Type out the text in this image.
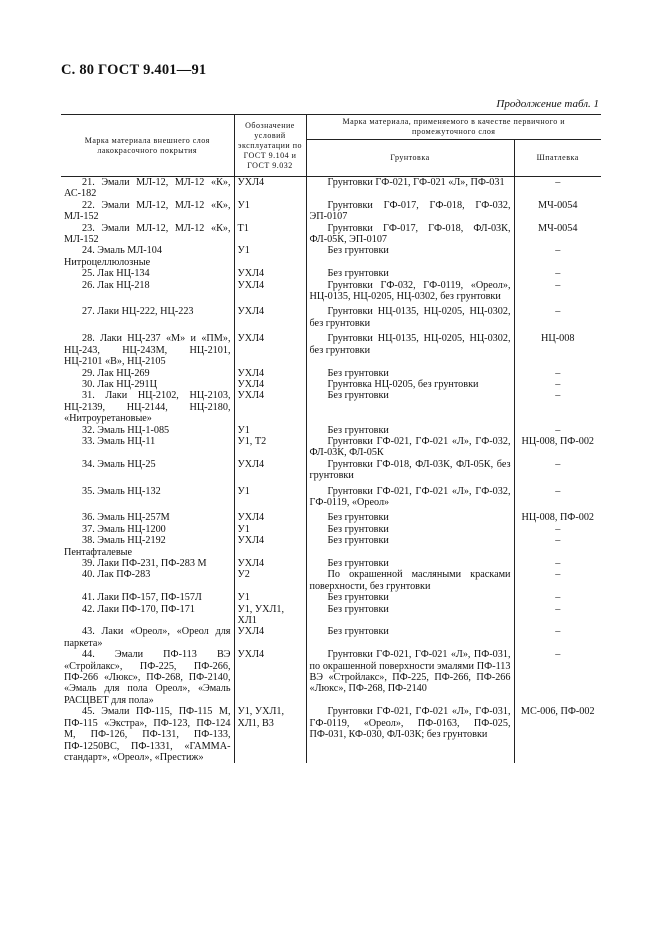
С. 80 ГОСТ 9.401—91
Продолжение табл. 1
Марка материала внешнего слоя лакокрасочного покрытия	Обозначение условий эксплуатации по ГОСТ 9.104 и ГОСТ 9.032	Марка материала, применяемого в качестве первичного и промежуточного слоя	
		Грунтовка	Шпатлевка
21. Эмали МЛ-12, МЛ-12 «К», АС-182	УХЛ4	Грунтовки ГФ-021, ГФ-021 «Л», ПФ-031	–
22. Эмали МЛ-12, МЛ-12 «К», МЛ-152	У1	Грунтовки ГФ-017, ГФ-018, ГФ-032, ЭП-0107	МЧ-0054
23. Эмали МЛ-12, МЛ-12 «К», МЛ-152	Т1	Грунтовки ГФ-017, ГФ-018, ФЛ-03К, ФЛ-05К, ЭП-0107	МЧ-0054
24. Эмаль МЛ-104	У1	Без грунтовки	–
Нитроцеллюлозные			
25. Лак НЦ-134	УХЛ4	Без грунтовки	–
26. Лак НЦ-218	УХЛ4	Грунтовки ГФ-032, ГФ-0119, «Ореол», НЦ-0135, НЦ-0205, НЦ-0302, без грунтовки	–

27. Лаки НЦ-222, НЦ-223	УХЛ4	Грунтовки НЦ-0135, НЦ-0205, НЦ-0302, без грунтовки	–

28. Лаки НЦ-237 «М» и «ПМ», НЦ-243, НЦ-243М, НЦ-2101, НЦ-2101 «В», НЦ-2105	УХЛ4	Грунтовки НЦ-0135, НЦ-0205, НЦ-0302, без грунтовки	НЦ-008
29. Лак НЦ-269	УХЛ4	Без грунтовки	–
30. Лак НЦ-291Ц	УХЛ4	Грунтовка НЦ-0205, без грунтовки	–
31. Лаки НЦ-2102, НЦ-2103, НЦ-2139, НЦ-2144, НЦ-2180, «Нитроуретановые»	УХЛ4	Без грунтовки	–
32. Эмаль НЦ-1-085	У1	Без грунтовки	–
33. Эмаль НЦ-11	У1, Т2	Грунтовки ГФ-021, ГФ-021 «Л», ГФ-032, ФЛ-03К, ФЛ-05К	НЦ-008, ПФ-002
34. Эмаль НЦ-25	УХЛ4	Грунтовки ГФ-018, ФЛ-03К, ФЛ-05К, без грунтовки	–

35. Эмаль НЦ-132	У1	Грунтовки ГФ-021, ГФ-021 «Л», ГФ-032, ГФ-0119, «Ореол»	–

36. Эмаль НЦ-257М	УХЛ4	Без грунтовки	НЦ-008, ПФ-002
37. Эмаль НЦ-1200	У1	Без грунтовки	–
38. Эмаль НЦ-2192	УХЛ4	Без грунтовки	–
Пентафталевые			
39. Лаки ПФ-231, ПФ-283 М	УХЛ4	Без грунтовки	–
40. Лак ПФ-283	У2	По окрашенной масляными красками поверхности, без грунтовки	–
41. Лаки ПФ-157, ПФ-157Л	У1	Без грунтовки	–
42. Лаки ПФ-170, ПФ-171	У1, УХЛ1, ХЛ1	Без грунтовки	–
43. Лаки «Ореол», «Ореол для паркета»	УХЛ4	Без грунтовки	–
44. Эмали ПФ-113 ВЭ «Стройлакс», ПФ-225, ПФ-266, ПФ-266 «Люкс», ПФ-268, ПФ-2140, «Эмаль для пола Ореол», «Эмаль РАСЦВЕТ для пола»	УХЛ4	Грунтовки ГФ-021, ГФ-021 «Л», ПФ-031, по окрашенной поверхности эмалями ПФ-113 ВЭ «Стройлакс», ПФ-225, ПФ-266, ПФ-266 «Люкс», ПФ-268, ПФ-2140	–
45. Эмали ПФ-115, ПФ-115 М, ПФ-115 «Экстра», ПФ-123, ПФ-124 М, ПФ-126, ПФ-131, ПФ-133, ПФ-1250ВС, ПФ-1331, «ГАММА-стандарт», «Ореол», «Престиж»	У1, УХЛ1, ХЛ1, В3	Грунтовки ГФ-021, ГФ-021 «Л», ГФ-031, ГФ-0119, «Ореол», ПФ-0163, ПФ-025, ПФ-031, КФ-030, ФЛ-03К; без грунтовки	МС-006, ПФ-002
